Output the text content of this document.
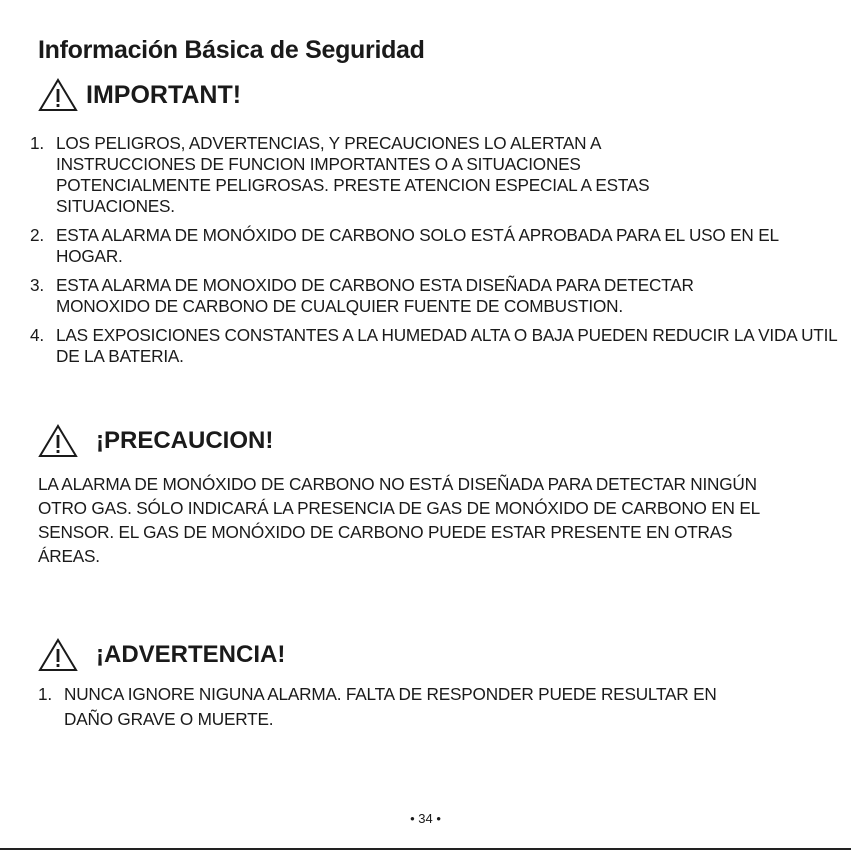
Información Básica de Seguridad
IMPORTANT!
1. LOS PELIGROS, ADVERTENCIAS, Y PRECAUCIONES LO ALERTAN A INSTRUCCIONES DE FUNCION IMPORTANTES O A SITUACIONES POTENCIALMENTE PELIGROSAS. PRESTE ATENCION ESPECIAL A ESTAS SITUACIONES.
2. ESTA ALARMA DE MONÓXIDO DE CARBONO SOLO ESTÁ APROBADA PARA EL USO EN EL HOGAR.
3. ESTA ALARMA DE MONOXIDO DE CARBONO ESTA DISEÑADA PARA DETECTAR MONOXIDO DE CARBONO DE CUALQUIER FUENTE DE COMBUSTION.
4. LAS EXPOSICIONES CONSTANTES A LA HUMEDAD ALTA O BAJA PUEDEN REDUCIR LA VIDA UTIL DE LA BATERIA.
¡PRECAUCION!
LA ALARMA DE MONÓXIDO DE CARBONO NO ESTÁ DISEÑADA PARA DETECTAR NINGÚN OTRO GAS. SÓLO INDICARÁ LA PRESENCIA DE GAS DE MONÓXIDO DE CARBONO EN EL SENSOR. EL GAS DE MONÓXIDO DE CARBONO PUEDE ESTAR PRESENTE EN OTRAS ÁREAS.
¡ADVERTENCIA!
1. NUNCA IGNORE NIGUNA ALARMA. FALTA DE RESPONDER PUEDE RESULTAR EN DAÑO GRAVE O MUERTE.
• 34 •
